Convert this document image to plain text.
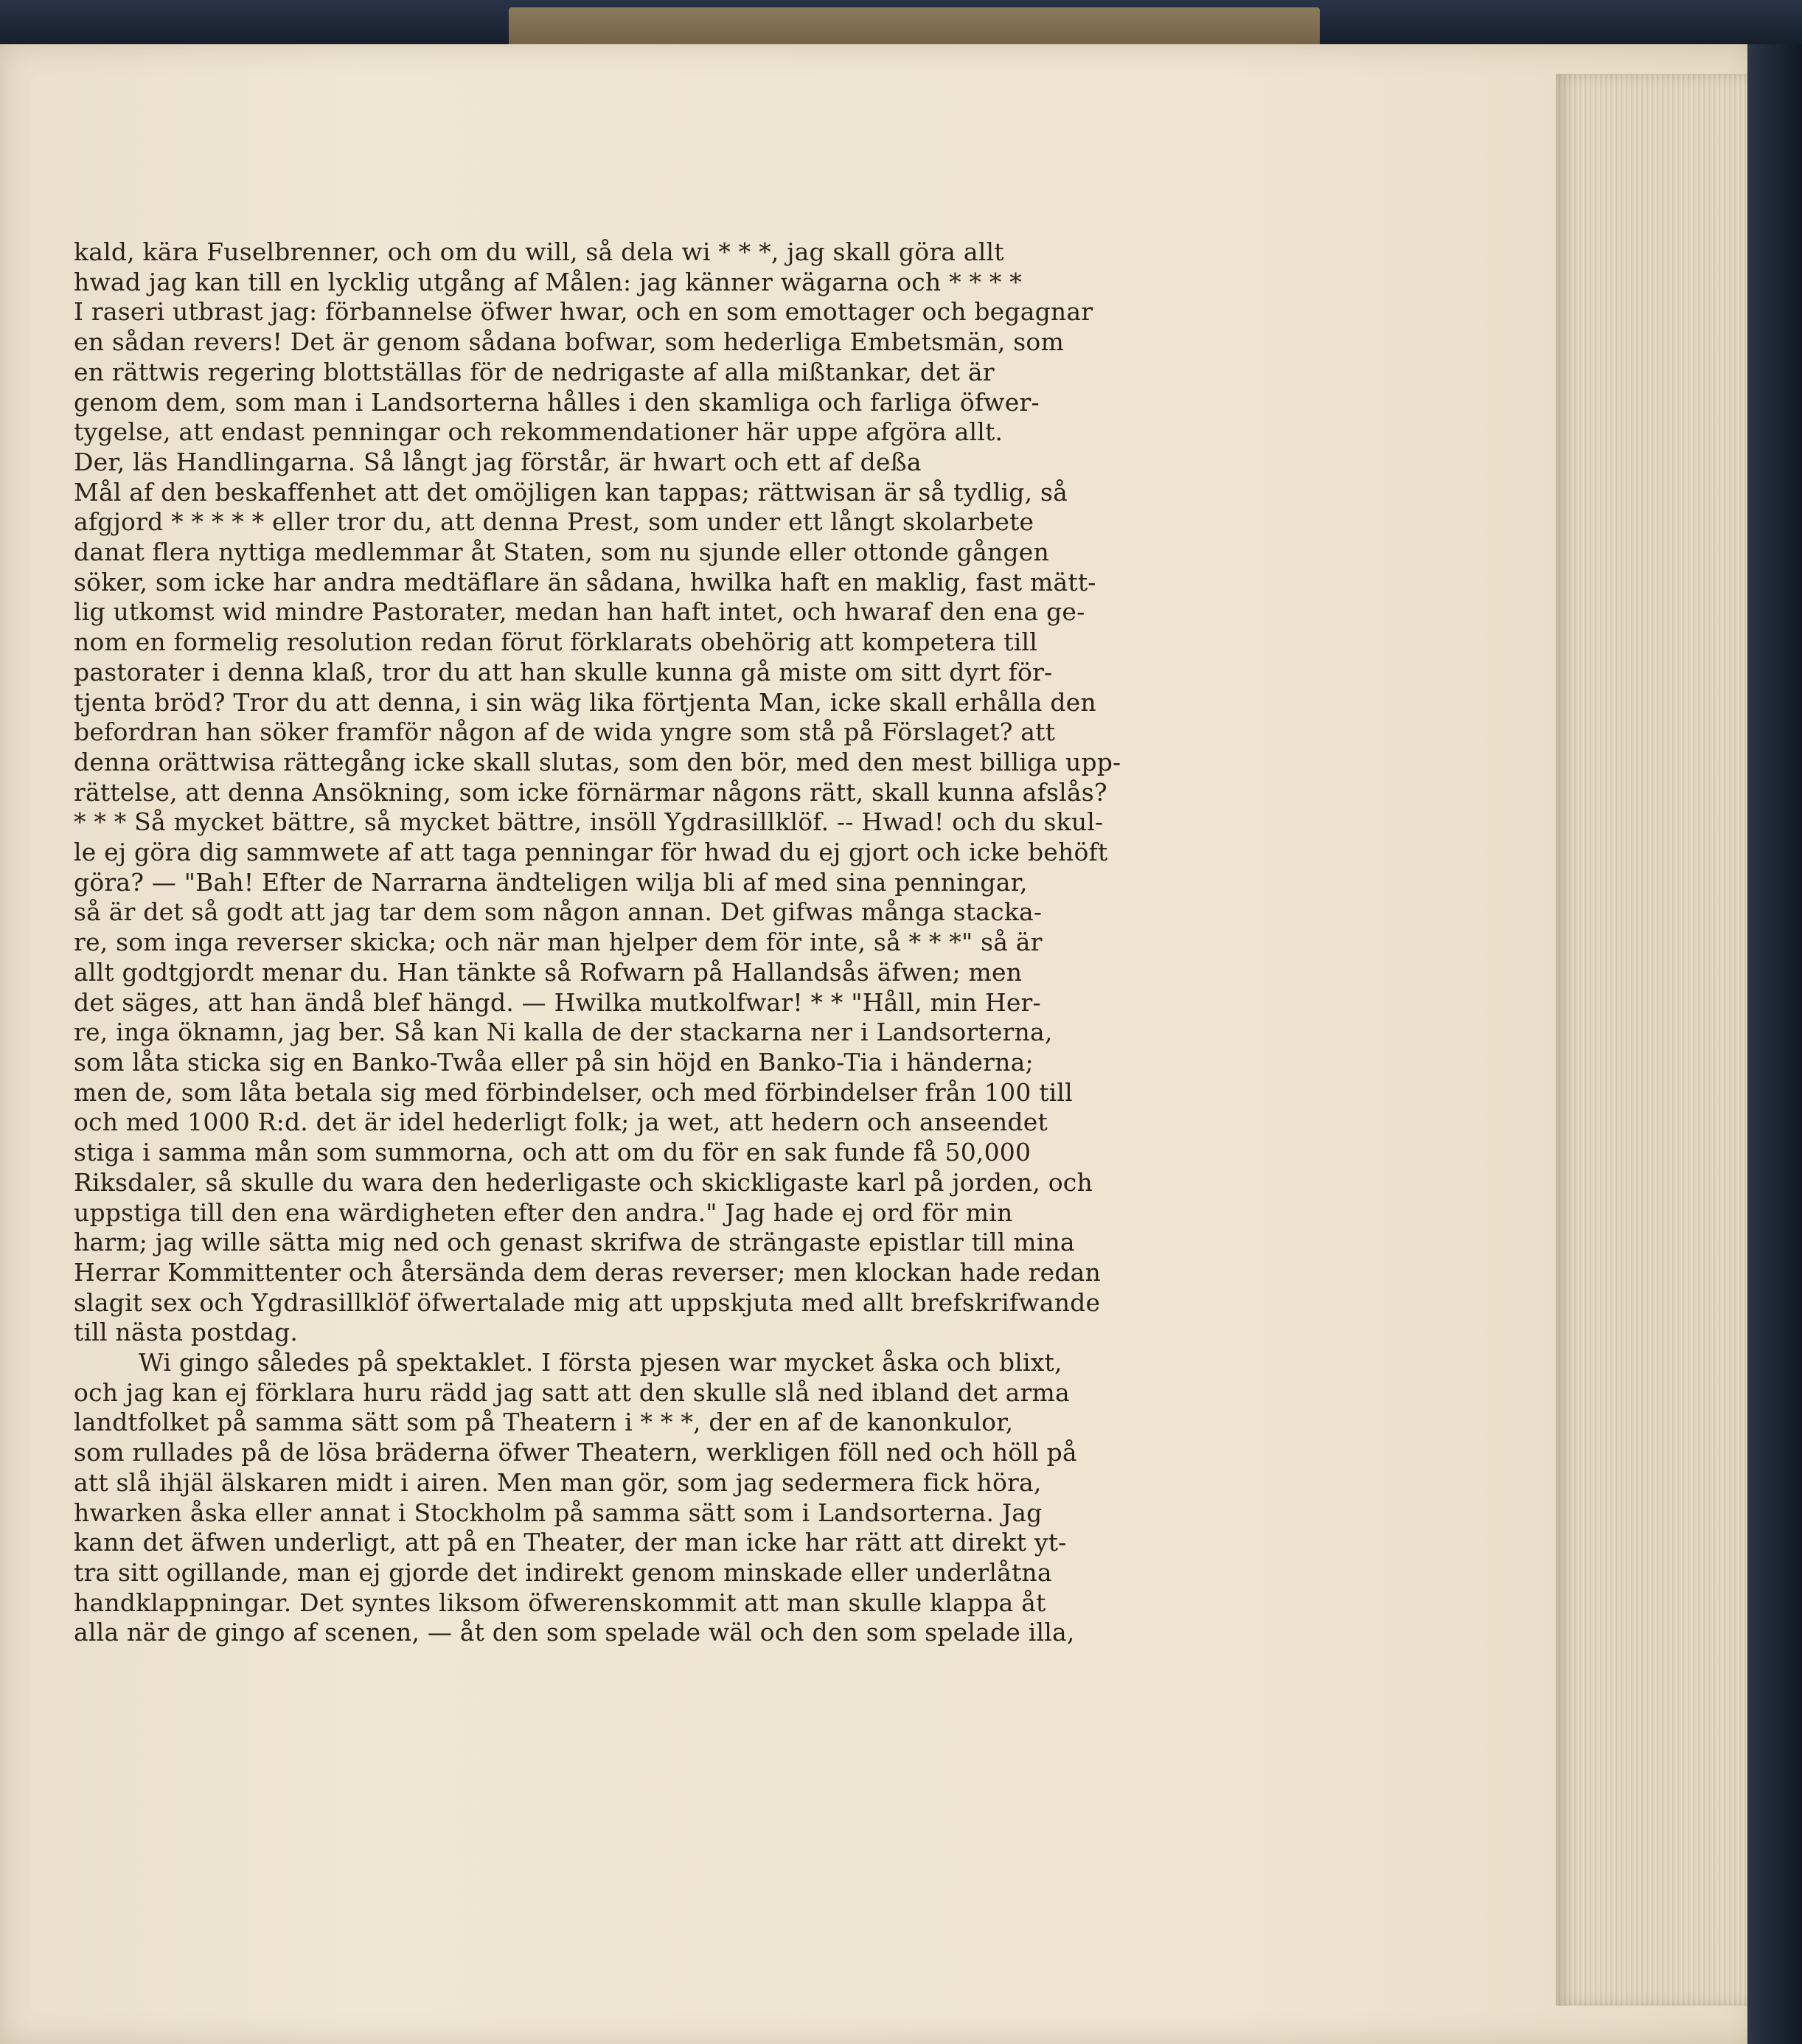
kald, kära Fuselbrenner, och om du will, så dela wi * * *, jag skall göra allt
hwad jag kan till en lycklig utgång af Målen: jag känner wägarna och * * * *
I raseri utbrast jag: förbannelse öfwer hwar, och en som emottager och begagnar
en sådan revers! Det är genom sådana bofwar, som hederliga Embetsmän, som
en rättwis regering blottställas för de nedrigaste af alla mißtankar, det är
genom dem, som man i Landsorterna hålles i den skamliga och farliga öfwer-
tygelse, att endast penningar och rekommendationer här uppe afgöra allt.
Der, läs Handlingarna. Så långt jag förstår, är hwart och ett af deßa
Mål af den beskaffenhet att det omöjligen kan tappas; rättwisan är så tydlig, så
afgjord * * * * * eller tror du, att denna Prest, som under ett långt skolarbete
danat flera nyttiga medlemmar åt Staten, som nu sjunde eller ottonde gången
söker, som icke har andra medtäflare än sådana, hwilka haft en maklig, fast mätt-
lig utkomst wid mindre Pastorater, medan han haft intet, och hwaraf den ena ge-
nom en formelig resolution redan förut förklarats obehörig att kompetera till
pastorater i denna klaß, tror du att han skulle kunna gå miste om sitt dyrt för-
tjenta bröd? Tror du att denna, i sin wäg lika förtjenta Man, icke skall erhålla den
befordran han söker framför någon af de wida yngre som stå på Förslaget? att
denna orättwisa rättegång icke skall slutas, som den bör, med den mest billiga upp-
rättelse, att denna Ansökning, som icke förnärmar någons rätt, skall kunna afslås?
* * * Så mycket bättre, så mycket bättre, insöll Ygdrasillklöf. -- Hwad! och du skul-
le ej göra dig sammwete af att taga penningar för hwad du ej gjort och icke behöft
göra? — "Bah! Efter de Narrarna ändteligen wilja bli af med sina penningar,
så är det så godt att jag tar dem som någon annan. Det gifwas många stacka-
re, som inga reverser skicka; och när man hjelper dem för inte, så * * *" så är
allt godtgjordt menar du. Han tänkte så Rofwarn på Hallandsås äfwen; men
det säges, att han ändå blef hängd. — Hwilka mutkolfwar! * * "Håll, min Her-
re, inga öknamn, jag ber. Så kan Ni kalla de der stackarna ner i Landsorterna,
som låta sticka sig en Banko-Twåa eller på sin höjd en Banko-Tia i händerna;
men de, som låta betala sig med förbindelser, och med förbindelser från 100 till
och med 1000 R:d. det är idel hederligt folk; ja wet, att hedern och anseendet
stiga i samma mån som summorna, och att om du för en sak funde få 50,000
Riksdaler, så skulle du wara den hederligaste och skickligaste karl på jorden, och
uppstiga till den ena wärdigheten efter den andra." Jag hade ej ord för min
harm; jag wille sätta mig ned och genast skrifwa de strängaste epistlar till mina
Herrar Kommittenter och återsända dem deras reverser; men klockan hade redan
slagit sex och Ygdrasillklöf öfwertalade mig att uppskjuta med allt brefskrifwande
till nästa postdag.
Wi gingo således på spektaklet. I första pjesen war mycket åska och blixt,
och jag kan ej förklara huru rädd jag satt att den skulle slå ned ibland det arma
landtfolket på samma sätt som på Theatern i * * *, der en af de kanonkulor,
som rullades på de lösa bräderna öfwer Theatern, werkligen föll ned och höll på
att slå ihjäl älskaren midt i airen. Men man gör, som jag sedermera fick höra,
hwarken åska eller annat i Stockholm på samma sätt som i Landsorterna. Jag
kann det äfwen underligt, att på en Theater, der man icke har rätt att direkt yt-
tra sitt ogillande, man ej gjorde det indirekt genom minskade eller underlåtna
handklappningar. Det syntes liksom öfwerenskommit att man skulle klappa åt
alla när de gingo af scenen, — åt den som spelade wäl och den som spelade illa,
